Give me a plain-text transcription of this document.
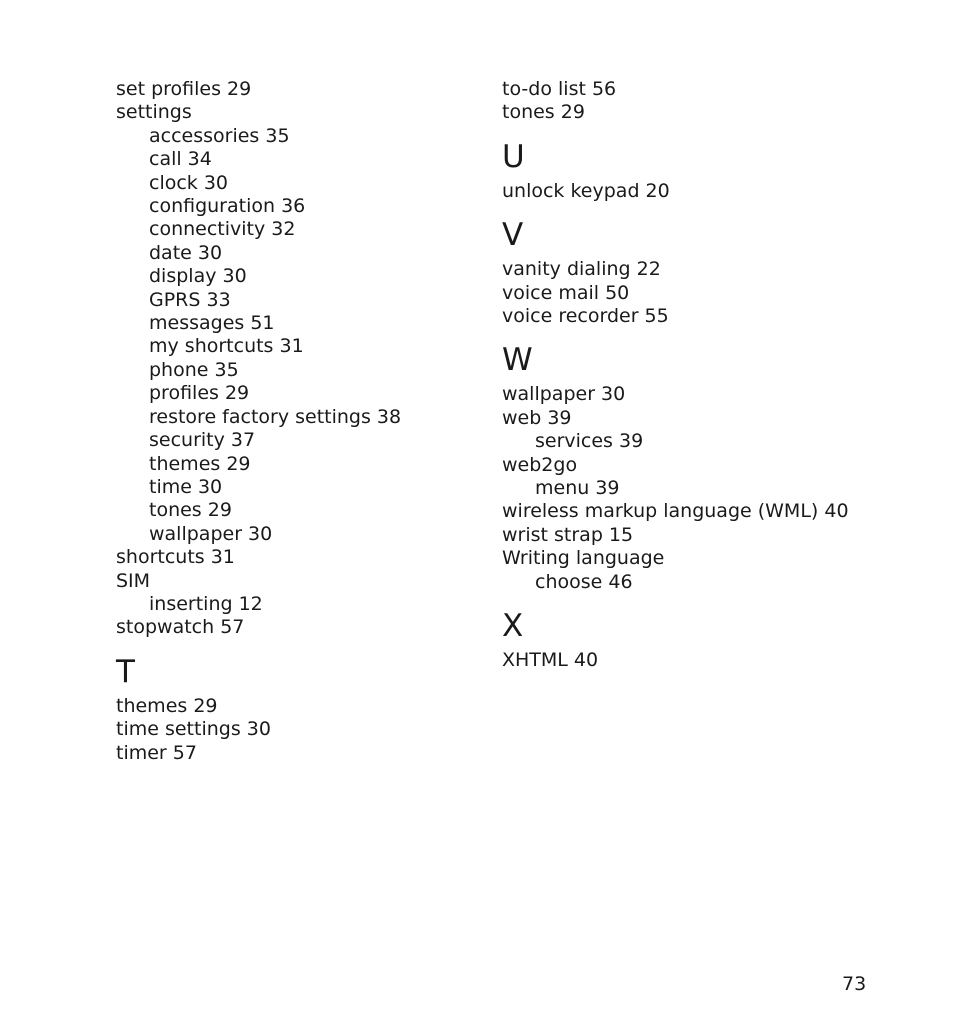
set profiles 29
settings
accessories 35
call 34
clock 30
configuration 36
connectivity 32
date 30
display 30
GPRS 33
messages 51
my shortcuts 31
phone 35
profiles 29
restore factory settings 38
security 37
themes 29
time 30
tones 29
wallpaper 30
shortcuts 31
SIM
inserting 12
stopwatch 57
T
themes 29
time settings 30
timer 57
to-do list 56
tones 29
U
unlock keypad 20
V
vanity dialing 22
voice mail 50
voice recorder 55
W
wallpaper 30
web 39
services 39
web2go
menu 39
wireless markup language (WML) 40
wrist strap 15
Writing language
choose 46
X
XHTML 40
73
